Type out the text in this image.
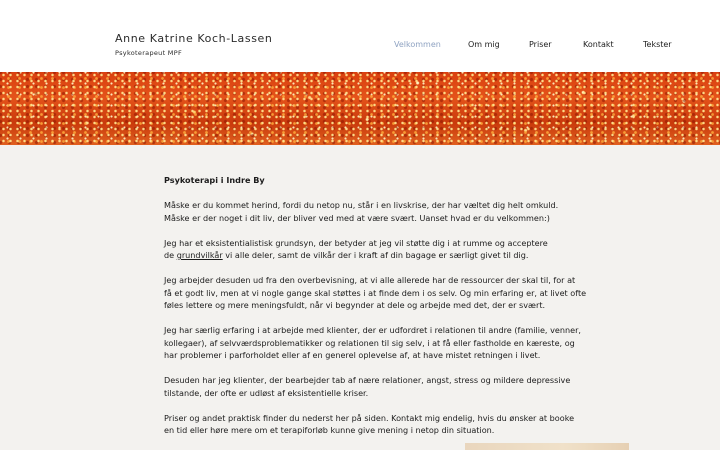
Anne Katrine Koch-Lassen
Psykoterapeut MPF
Velkommen	Om mig	Priser	Kontakt	Tekster

Psykoterapi i Indre By

Måske er du kommet herind, fordi du netop nu, står i en livskrise, der har væltet dig helt omkuld.
Måske er der noget i dit liv, der bliver ved med at være svært. Uanset hvad er du velkommen:)

Jeg har et eksistentialistisk grundsyn, der betyder at jeg vil støtte dig i at rumme og acceptere
de grundvilkår vi alle deler, samt de vilkår der i kraft af din bagage er særligt givet til dig.

Jeg arbejder desuden ud fra den overbevisning, at vi alle allerede har de ressourcer der skal til, for at
få et godt liv, men at vi nogle gange skal støttes i at finde dem i os selv. Og min erfaring er, at livet ofte
føles lettere og mere meningsfuldt, når vi begynder at dele og arbejde med det, der er svært.

Jeg har særlig erfaring i at arbejde med klienter, der er udfordret i relationen til andre (familie, venner,
kollegaer), af selvværdsproblematikker og relationen til sig selv, i at få eller fastholde en kæreste, og
har problemer i parforholdet eller af en generel oplevelse af, at have mistet retningen i livet.

Desuden har jeg klienter, der bearbejder tab af nære relationer, angst, stress og mildere depressive
tilstande, der ofte er udløst af eksistentielle kriser.

Priser og andet praktisk finder du nederst her på siden. Kontakt mig endelig, hvis du ønsker at booke
en tid eller høre mere om et terapiforløb kunne give mening i netop din situation.
